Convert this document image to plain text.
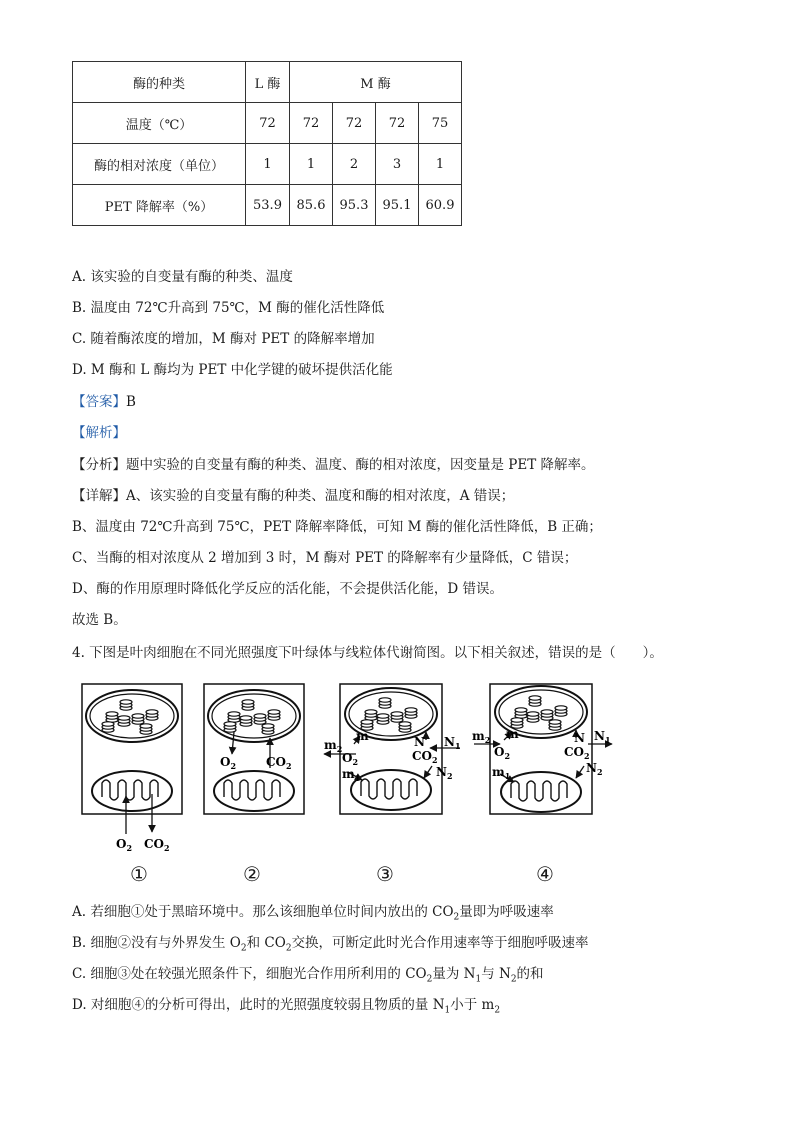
酶的种类	L 酶	M 酶			
温度（℃）	72	72	72	72	75
酶的相对浓度（单位）	1	1	2	3	1
PET 降解率（%）	53.9	85.6	95.3	95.1	60.9
A. 该实验的自变量有酶的种类、温度
B. 温度由 72℃升高到 75℃，M 酶的催化活性降低
C. 随着酶浓度的增加，M 酶对 PET 的降解率增加
D. M 酶和 L 酶均为 PET 中化学键的破坏提供活化能
【答案】B
【解析】
【分析】题中实验的自变量有酶的种类、温度、酶的相对浓度，因变量是 PET 降解率。
【详解】A、该实验的自变量有酶的种类、温度和酶的相对浓度，A 错误；
B、温度由 72℃升高到 75℃，PET 降解率降低，可知 M 酶的催化活性降低，B 正确；
C、当酶的相对浓度从 2 增加到 3 时，M 酶对 PET 的降解率有少量降低，C 错误；
D、酶的作用原理时降低化学反应的活化能，不会提供活化能，D 错误。
故选 B。
4. 下图是叶肉细胞在不同光照强度下叶绿体与线粒体代谢简图。以下相关叙述，错误的是（　　）。
$O_2$ $CO_2$
$O_2$ $CO_2$
$m_2$
m
$O_2$
$m_1$
N
$CO_2$
$N_1$
$N_2$
$m_2$ m
$O_2$
$m_1$
N
$CO_2$
$N_1$
$N_2$
①	②	③	④
A. 若细胞①处于黑暗环境中。那么该细胞单位时间内放出的 $CO_2$量即为呼吸速率
B. 细胞②没有与外界发生 $O_2$和 $CO_2$交换，可断定此时光合作用速率等于细胞呼吸速率
C. 细胞③处在较强光照条件下，细胞光合作用所利用的 $CO_2$量为 $N_1$与 $N_2$的和
D. 对细胞④的分析可得出，此时的光照强度较弱且物质的量 $N_1$小于 $m_2$
